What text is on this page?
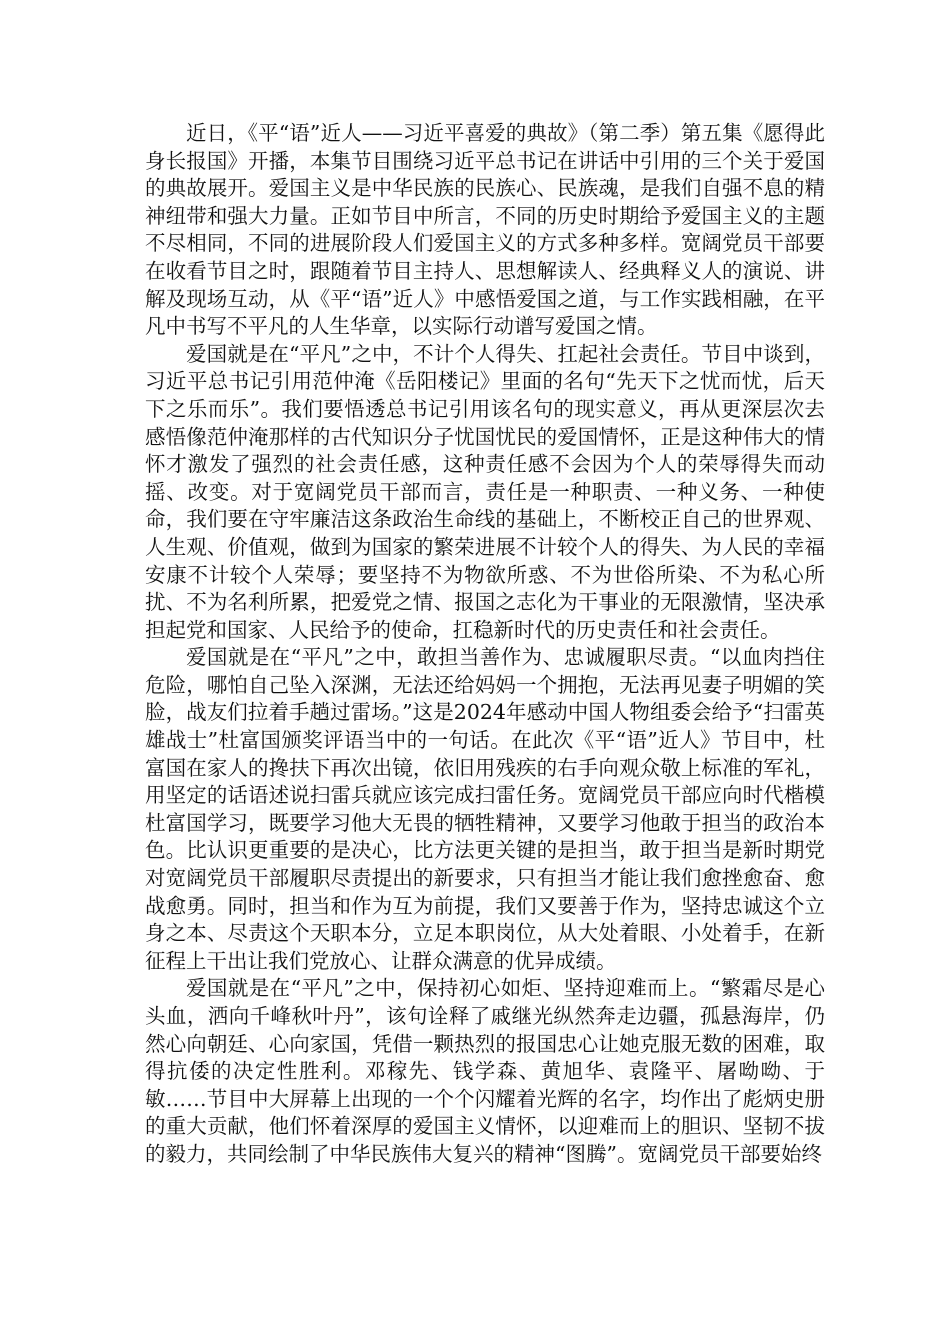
近日，《平“语”近人——习近平喜爱的典故》（第二季）第五集《愿得此身长报国》开播，本集节目围绕习近平总书记在讲话中引用的三个关于爱国的典故展开。爱国主义是中华民族的民族心、民族魂，是我们自强不息的精神纽带和强大力量。正如节目中所言，不同的历史时期给予爱国主义的主题不尽相同，不同的进展阶段人们爱国主义的方式多种多样。宽阔党员干部要在收看节目之时，跟随着节目主持人、思想解读人、经典释义人的演说、讲解及现场互动，从《平“语”近人》中感悟爱国之道，与工作实践相融，在平凡中书写不平凡的人生华章，以实际行动谱写爱国之情。

爱国就是在“平凡”之中，不计个人得失、扛起社会责任。节目中谈到，习近平总书记引用范仲淹《岳阳楼记》里面的名句“先天下之忧而忧，后天下之乐而乐”。我们要悟透总书记引用该名句的现实意义，再从更深层次去感悟像范仲淹那样的古代知识分子忧国忧民的爱国情怀，正是这种伟大的情怀才激发了强烈的社会责任感，这种责任感不会因为个人的荣辱得失而动摇、改变。对于宽阔党员干部而言，责任是一种职责、一种义务、一种使命，我们要在守牢廉洁这条政治生命线的基础上，不断校正自己的世界观、人生观、价值观，做到为国家的繁荣进展不计较个人的得失、为人民的幸福安康不计较个人荣辱；要坚持不为物欲所惑、不为世俗所染、不为私心所扰、不为名利所累，把爱党之情、报国之志化为干事业的无限激情，坚决承担起党和国家、人民给予的使命，扛稳新时代的历史责任和社会责任。

爱国就是在“平凡”之中，敢担当善作为、忠诚履职尽责。“以血肉挡住危险，哪怕自己坠入深渊，无法还给妈妈一个拥抱，无法再见妻子明媚的笑脸，战友们拉着手趟过雷场。”这是2024年感动中国人物组委会给予“扫雷英雄战士”杜富国颁奖评语当中的一句话。在此次《平“语”近人》节目中，杜富国在家人的搀扶下再次出镜，依旧用残疾的右手向观众敬上标准的军礼，用坚定的话语述说扫雷兵就应该完成扫雷任务。宽阔党员干部应向时代楷模杜富国学习，既要学习他大无畏的牺牲精神，又要学习他敢于担当的政治本色。比认识更重要的是决心，比方法更关键的是担当，敢于担当是新时期党对宽阔党员干部履职尽责提出的新要求，只有担当才能让我们愈挫愈奋、愈战愈勇。同时，担当和作为互为前提，我们又要善于作为，坚持忠诚这个立身之本、尽责这个天职本分，立足本职岗位，从大处着眼、小处着手，在新征程上干出让我们党放心、让群众满意的优异成绩。

爱国就是在“平凡”之中，保持初心如炬、坚持迎难而上。“繁霜尽是心头血，洒向千峰秋叶丹”，该句诠释了戚继光纵然奔走边疆，孤悬海岸，仍然心向朝廷、心向家国，凭借一颗热烈的报国忠心让她克服无数的困难，取得抗倭的决定性胜利。邓稼先、钱学森、黄旭华、袁隆平、屠呦呦、于敏……节目中大屏幕上出现的一个个闪耀着光辉的名字，均作出了彪炳史册的重大贡献，他们怀着深厚的爱国主义情怀，以迎难而上的胆识、坚韧不拔的毅力，共同绘制了中华民族伟大复兴的精神“图腾”。宽阔党员干部要始终
